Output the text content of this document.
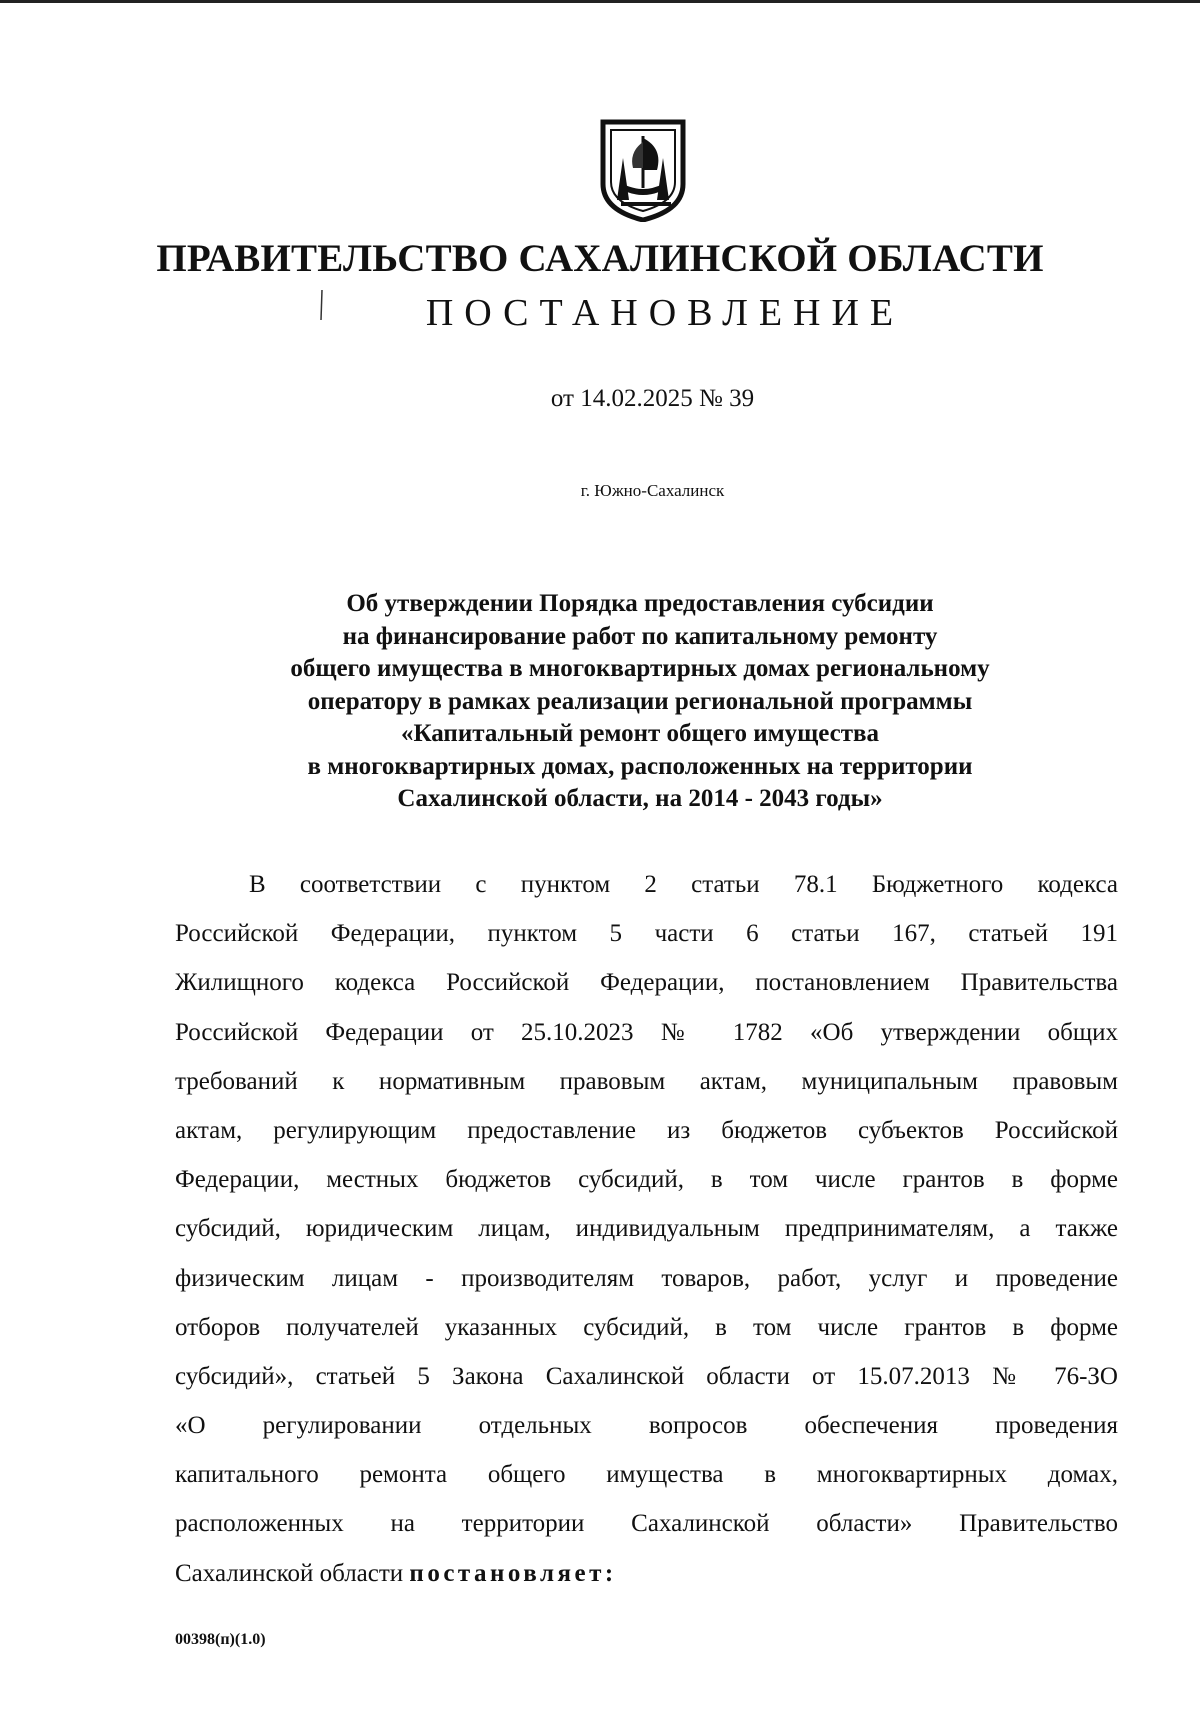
ПРАВИТЕЛЬСТВО САХАЛИНСКОЙ ОБЛАСТИ
ПОСТАНОВЛЕНИЕ
от 14.02.2025 № 39
г. Южно-Сахалинск
Об утверждении Порядка предоставления субсидии
на финансирование работ по капитальному ремонту
общего имущества в многоквартирных домах региональному
оператору в рамках реализации региональной программы
«Капитальный ремонт общего имущества
в многоквартирных домах, расположенных на территории
Сахалинской области, на 2014 - 2043 годы»
В соответствии с пунктом 2 статьи 78.1 Бюджетного кодекса
Российской Федерации, пунктом 5 части 6 статьи 167, статьей 191
Жилищного кодекса Российской Федерации, постановлением Правительства
Российской Федерации от 25.10.2023 № 1782 «Об утверждении общих
требований к нормативным правовым актам, муниципальным правовым
актам, регулирующим предоставление из бюджетов субъектов Российской
Федерации, местных бюджетов субсидий, в том числе грантов в форме
субсидий, юридическим лицам, индивидуальным предпринимателям, а также
физическим лицам - производителям товаров, работ, услуг и проведение
отборов получателей указанных субсидий, в том числе грантов в форме
субсидий», статьей 5 Закона Сахалинской области от 15.07.2013 № 76-ЗО
«О регулировании отдельных вопросов обеспечения проведения
капитального ремонта общего имущества в многоквартирных домах,
расположенных на территории Сахалинской области» Правительство
Сахалинской области постановляет:
00398(п)(1.0)
